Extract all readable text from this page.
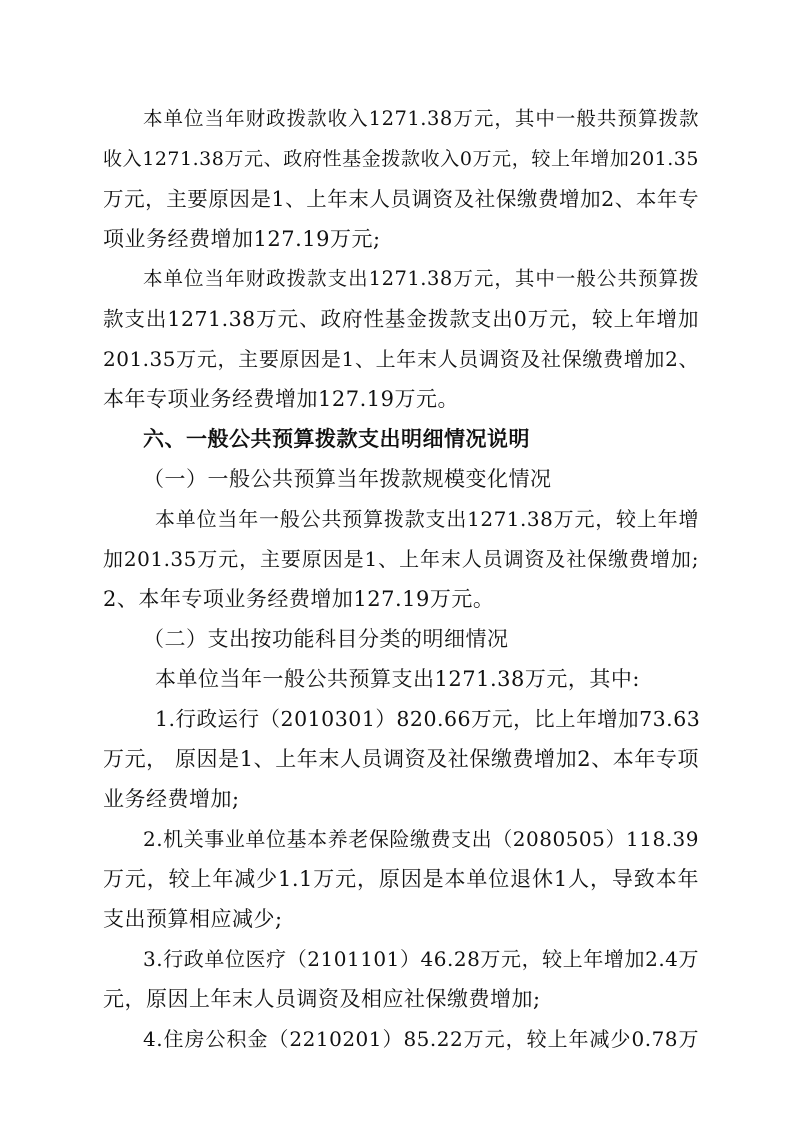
本单位当年财政拨款收入1271.38万元，其中一般共预算拨款
收入1271.38万元、政府性基金拨款收入0万元，较上年增加201.35
万元，主要原因是1、上年末人员调资及社保缴费增加2、本年专
项业务经费增加127.19万元;
本单位当年财政拨款支出1271.38万元，其中一般公共预算拨
款支出1271.38万元、政府性基金拨款支出0万元，较上年增加
201.35万元，主要原因是1、上年末人员调资及社保缴费增加2、
本年专项业务经费增加127.19万元。
六、一般公共预算拨款支出明细情况说明
（一）一般公共预算当年拨款规模变化情况
本单位当年一般公共预算拨款支出1271.38万元，较上年增
加201.35万元，主要原因是1、上年末人员调资及社保缴费增加;
2、本年专项业务经费增加127.19万元。
（二）支出按功能科目分类的明细情况
本单位当年一般公共预算支出1271.38万元，其中:
1.行政运行（2010301）820.66万元，比上年增加73.63
万元， 原因是1、上年末人员调资及社保缴费增加2、本年专项
业务经费增加;
2.机关事业单位基本养老保险缴费支出（2080505）118.39
万元，较上年减少1.1万元，原因是本单位退休1人，导致本年
支出预算相应减少;
3.行政单位医疗（2101101）46.28万元，较上年增加2.4万
元，原因上年末人员调资及相应社保缴费增加;
4.住房公积金（2210201）85.22万元，较上年减少0.78万
